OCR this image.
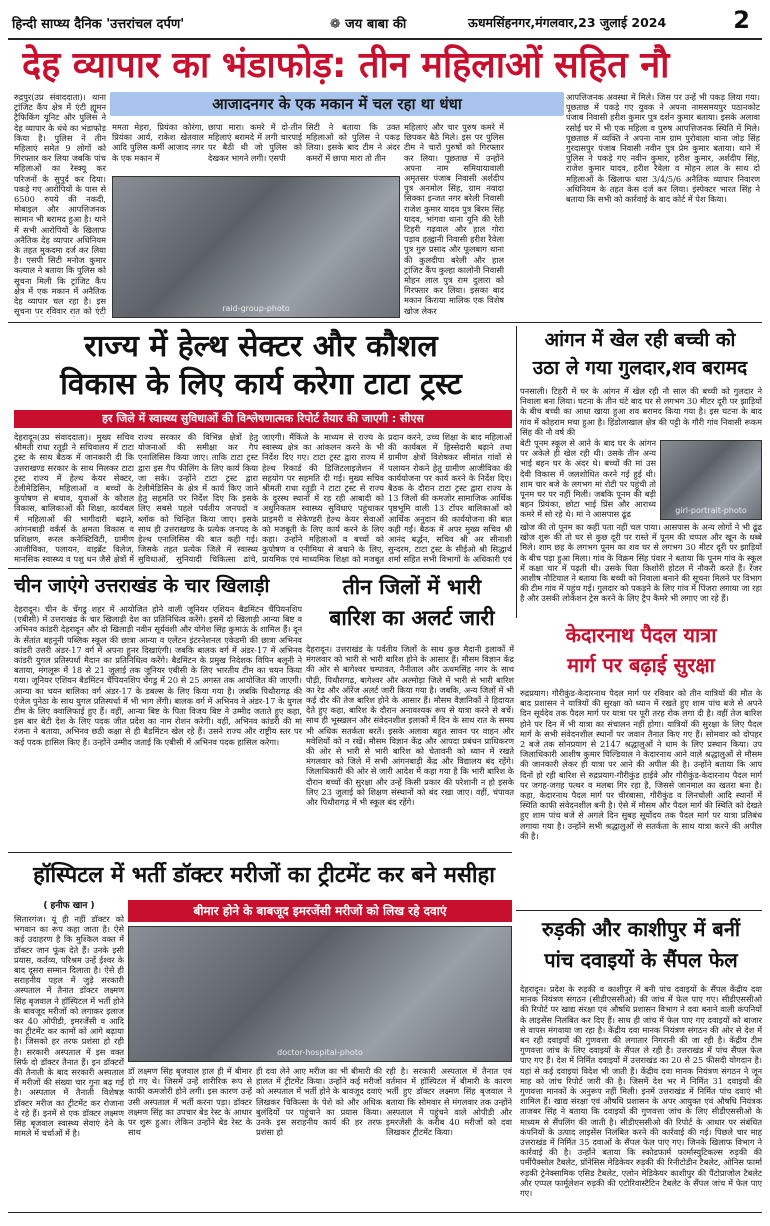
हिन्दी साप्ध्य दैनिक 'उत्तरांचल दर्पण'	❁ जय बाबा की	ऊधमसिंहनगर,मंगलवार,23 जुलाई 2024	2
देह व्यापार का भंडाफोड़: तीन महिलाओं सहित नौ
रुद्रपुर(उप्र संवाददाता)। थाना ट्रांजिट कैंप क्षेत्र में एंटी ह्यूमन ट्रैफिकिंग यूनिट और पुलिस ने देह व्यापार के धंधे का भंडाफोड़ किया है। पुलिस ने तीन महिलाएं समेत 9 लोगों को गिरफ्तार कर लिया जबकि पांच महिलाओं का रेस्क्यू कर परिजनों के सुपुर्द कर दिया। पकड़े गए आरोपियों के पास से 6500 रुपये की नकदी, मोबाइल और आपत्तिजनक सामान भी बरामद हुआ है। थाने में सभी आरोपियों के खिलाफ अनैतिक देह व्यापार अधिनियम के तहत मुकदमा दर्ज कर लिया है। एसपी सिटी मनोज कुमार कत्याल ने बताया कि पुलिस को सूचना मिली कि ट्रांजिट कैंप क्षेत्र में एक मकान में अनैतिक देह व्यापार चल रहा है। इस सूचना पर रविवार रात को एंटी
आजादनगर के एक मकान में चल रहा था धंधा
ममता मेहरा, प्रियंका कोरंगा, प्रियंका आर्य, राकेश खेतवाल आदि पुलिस कर्मी आजाद नगर के एक मकान में
छापा मारा। कमरे में दो-तीन महिलाएं बरामदे में लगी चारपाई पर बैठी थी जो पुलिस को देखकर भागने लगी। एसपी
सिटी ने बताया कि उक्त महिलाओं को पुलिस ने पकड़ लिया। इसके बाद टीम ने अंदर कमरों में छापा मारा तो तीन
raid-group-photo
महिलाएं और चार पुरुष कमरे में छिपकर बैठे मिले। इस पर पुलिस टीम ने चारों पुरुषों को गिरफ्तार कर लिया। पूछताछ में उन्होंने अपना नाम समियायावाली अमृतसर पंजाब निवासी अर्शदीप पुत्र अनमोल सिंह, ग्राम नवादा सिक्का इन्जत नगर बरेली निवासी राजेश कुमार यादव पुत्र बिरम सिंह यादव, भांगवा थाना यूनि की रेती टिहरी गढ़वाल और हाल गोरा पड़ाव हल्द्वानी निवासी हरीश रैवेला पुत्र गुरु प्रसाद और फूलबाग थाना की कुलदीपा बरेली और हाल ट्रांजिट कैंप कुल्हा कालोनी निवासी मोहन लाल पुत्र राम दुलारा को गिरफ्तार कर लिया। इसका बाद मकान किराया मालिक एक विशेष खोज लेकर
आपत्तिजनक अवस्था में मिले। जिस पर उन्हें भी पकड़ लिया गया। पूछताछ में पकड़े गए युवक ने अपना नामसमयपुर पठानकोट पंजाब निवासी हरीश कुमार पुत्र दर्शन कुमार बताया। इसके अलावा रसोई घर में भी एक महिला व पुरुष आपत्तिजनक स्थिति में मिले। पूछताछ में व्यक्ति ने अपना नाम ग्राम पुरोवाला थाना जोड़ सिंह गुरदासपुर पंजाब निवासी नवीन पुत्र प्रेम कुमार बताया। थाने में पुलिस ने पकड़े गए नवीन कुमार, हरीश कुमार, अर्शदीप सिंह, राजेश कुमार यादव, हरीश रैवेला व मोहन लाल के साथ दो महिलाओं के खिलाफ धारा 3/4/5/6 अनैतिक व्यापार निवारण अधिनियम के तहत केस दर्ज कर लिया। इंस्पेक्टर भारत सिंह ने बताया कि सभी को कार्रवाई के बाद कोर्ट में पेश किया।
राज्य में हेल्थ सेक्टर और कौशल
विकास के लिए कार्य करेगा टाटा ट्रस्ट
हर जिले में स्वास्थ्य सुविधाओं की विश्लेषणात्मक रिपोर्ट तैयार की जाएगी : सीएस
देहरादून(उप्र संवाददाता)। मुख्य सचिव श्रीमती राधा रतूड़ी ने सचिवालय में टाटा ट्रस्ट के साथ बैठक में जानकारी दी कि उत्तराखण्ड सरकार के साथ मिलकर टाटा ट्रस्ट राज्य में हेल्थ केयर सेक्टर, टेलीमेडिसिन, महिलाओं व बच्चों के कुपोषण से बचाव, युवाओं के कौशल विकास, बालिकाओं की शिक्षा, कार्यबल में महिलाओं की भागीदारी बढ़ाने, आंगनबाड़ी वर्कर्स के क्षमता विकास व प्रशिक्षण, रूरल कनेक्टिविटी, ग्रामीण आजीविका, पलायन, वाइब्रेंट विलेज, मानसिक स्वास्थ्य व पशु धन जैसे क्षेत्रों में
राज्य सरकार की विभिन्न क्षेत्रों हेतु योजनाओं की समीक्षा कर गैप एनालिसिस किया जाए। ताकि टाटा ट्रस्ट द्वारा इस गैप फीलिंग के लिए कार्य किया जा सके। उन्होंने टाटा ट्रस्ट द्वारा टेलीमेडिसिन के क्षेत्र में कार्य किए जाने हेतु सहमति पर निर्देश दिए कि इसके लिए सबसे पहले पर्वतीय जनपदों व ब्लॉक को चिन्हित किया जाए। इसके साथ ही उत्तराखण्ड के प्रत्येक जनपद के हेल्थ एनालिसिस की बात कही गई। जिसके तहत प्रत्येक जिले में स्वास्थ्य सुविधाओं, सुनियादी चिकित्सा ढांचे,
जाएगी। मैंकिंजे के माध्यम से राज्य के स्वास्थ्य क्षेत्र का आंकलन करने के भी निर्देश दिए गए। टाटा ट्रस्ट द्वारा राज्य में हेल्थ रिकार्ड की डिजिटलाइजेशन में सहयोग पर सहमति दी गई। मुख्य सचिव श्रीमती राधा रतूड़ी ने टाटा ट्रस्ट से राज्य के दुरस्थ स्थानों में रह रही आबादी को अधुनिकतम स्वास्थ्य सुविधाएं पहुंचाकर प्राइमरी व सेकेण्डरी हेल्थ केयर सेवाओं को मजबूती के लिए कार्य करने के लिए कहा। उन्होंने महिलाओं व बच्चों को कुपोषण व एनीमिया से बचाने के लिए, प्रायमिक एवं माध्यमिक शिक्षा को मजबूत
प्रदान करने, उच्च शिक्षा के बाद महिलाओं की कार्यबल में हिस्सेदारी बढ़ाने तथा ग्रामीण क्षेत्रों विशेषकर सीमांत गांवों से पलायन रोकने हेतु ग्रामीण आजीविका की कार्ययोजना पर कार्य करने के निर्देश दिए। बैठक के दौरान टाटा ट्रस्ट द्वारा राज्य के 13 जिलों की कमजोर सामाजिक आर्थिक पृष्ठभूमि वाली 13 टॉपर बालिकाओं को आर्थिक अनुदान की कार्ययोजना की बात कही गई। बैठक में अपर मुख्य सचिव श्री आनंद बर्द्धन, सचिव श्री अर सीनाशी सुन्दरम, टाटा ट्रस्ट के सीईओ श्री सिद्धार्थ शर्मा सहित सभी विभागों के अधिकारी एवं
आंगन में खेल रही बच्ची को
उठा ले गया गुलदार,शव बरामद
पनसाली। टिहरी में घर के आंगन में खेल रही नौ साल की बच्ची को गुलदार ने निवाला बना लिया। घटना के तीन घंटे बाद घर से लगभग 30 मीटर दूरी पर झाड़ियों के बीच बच्ची का आधा खाया हुआ शव बरामद किया गया है। इस घटना के बाद गांव में कोहराम मचा हुआ है। हिंडोलाखाल क्षेत्र की पट्टी के गौरी गांव निवासी रूकम सिंह की नौ वर्ष की
बेटी पूनम स्कूल से आने के बाद घर के आंगन पर अकेले ही खेल रही थी। उसके तीन अन्य भाई बहन घर के अंदर थे। बच्चों की मां उस देवी विकास में जलशोधित करने गई हुई थी। शाम चार बजे के लगभग मां रोटी पर पहुंची तो पूनम घर पर नहीं मिली। जबकि पूनम की बड़ी बहन प्रियंका, छोटा भाई प्रिंस और आराध्य कमरे में सो रहे थे। मां ने आसपास ढूंढ	girl-portrait-photo
खोज की तो पूनम का कहीं पता नहीं चल पाया। आसपास के अन्य लोगों ने भी ढूंढ खोज शुरू की तो घर से कुछ दूरी पर रास्ते में पूनम की चप्पल और खून के धब्बे मिले। शाम छह के लगभग पूनम का शव घर से लगभग 30 मीटर दूरी पर झाड़ियों के बीच पड़ा हुआ मिला। गांव के विक्रम सिंह पंवार ने बताया कि पूनम गांव के स्कूल में कक्षा चार में पढ़ती थी। उसके पिता किशोरी होटल में नौकरी करते हैं। रेंजर आशीष नौटियाल ने बताया कि बच्ची को निवाला बनाने की सूचना मिलने पर विभाग की टीम गांव में पहुंच गई। गुलदार को पकड़ने के लिए गांव में पिंजरा लगाया जा रहा है और उसकी लोकेशन ट्रेस करने के लिए ट्रैप कैमरे भी लगाए जा रहे हैं।
चीन जाएंगे उत्तराखंड के चार खिलाड़ी
देहरादून। चीन के चेंगडु शहर में आयोजित होने वाली जूनियर एशियन बैडमिंटन चैंपियनशिप (एबीसी) में उत्तराखंड के चार खिलाड़ी देश का प्रतिनिधित्व करेंगे। इसमें दो खिलाड़ी आन्या बिष्ट व अभिनव कांडरी देहरादून और दो खिलाड़ी नवीन सूर्यवंशी और योगेश सिंह कुमाऊं के शामिल हैं। दून के सेंतांत बहनूनी पब्लिक स्कूल की छात्रा आन्या व एलेंटन इंटरनेशनल एकेडमी की छात्रा अभिनव कांडरी उत्तरी अंडर-17 वर्ग में अपना हुनर दिखाएंगी। जबकि बालक वर्ग में अंडर-17 में अभिनव कांडरी युगल प्रतिस्पर्धा मैदान का प्रतिनिधित्व करेंगे। बैडमिंटन के प्रमुख निदेशक विपिन बलूनी ने बताया, मंगलूरू में 18 से 21 जुलाई तक जूनियर एबीसी के लिए भारतीय टीम का चयन किया गया। जूनियर एशियन बैडमिंटन चैंपियनशिप चेंगडु में 20 से 25 अगस्त तक आयोजित की जाएगी। आन्या का चयन बालिका वर्ग अंडर-17 के डबल्स के लिए किया गया है। जबकि पिथौरागढ़ की एंजेल पुनेठा के साथ युगल प्रतिस्पर्धा में भी भाग लेंगी। बालक वर्ग में अभिनव ने अंडर-17 के युगल टीम के लिए क्वालिफाई हुए हैं। वहीं, आन्या बिष्ट के पिता विजय बिष्ट ने उम्मीद जताते हुए कहा, इस बार बेटी देश के लिए पदक जीत प्रदेश का नाम रोशन करेगी। वहीं, अभिनव कांडरी की मां रंजना ने बताया, अभिनव छठी कक्षा से ही बैडमिंटन खेल रहे हैं। उसने राज्य और राष्ट्रीय स्तर पर कई पदक हासिल किए हैं। उन्होंने उम्मीद जताई कि एबीसी में अभिनव पदक हासिल करेगा।
तीन जिलों में भारी
बारिश का अलर्ट जारी
देहरादून। उत्तराखंड के पर्वतीय जिलों के साथ कुछ मैदानी इलाकों में मंगलवार को भारी से भारी बारिश होने के आसार हैं। मौसम विज्ञान केंद्र की ओर से बागेश्वर चम्पावत, नैनीताल और ऊधमसिंह नगर के साथ पौड़ी, पिथौरागढ़, बागेश्वर और अल्मोड़ा जिले में भारी से भारी बारिश का रेड और ऑरेंज अलर्ट जारी किया गया है। जबकि, अन्य जिलों में भी कई दौर की तेज बारिश होने के आसार हैं। मौसम वैज्ञानिकों ने हिदायत देते हुए कहा, बारिश के दौरान अनावश्यक रूप से यात्रा करने से बचें। साथ ही भूस्खलन और संवेदनशील इलाकों में दिन के साथ रात के समय भी अधिक सतर्कता बरतें। इसके अलावा बहुत सावन पर वाहन और मवेशियों को न रखें। मौसम विज्ञान केंद्र और आपदा प्रबंधन प्राधिकरण की ओर से भारी से भारी बारिश को चेतावनी को ध्यान में रखते मंगलवार को जिले में सभी आंगनबाड़ी केंद्र और विद्यालय बंद रहेंगे। जिलाधिकारी की ओर से जारी आदेश में कहा गया है कि भारी बारिश के दौरान बच्चों की सुरक्षा और उन्हें किसी प्रकार की परेशानी न हो इसके लिए 23 जुलाई को शिक्षण संस्थानों को बंद रखा जाए। वहीं, चंपावत और पिथौरागढ़ में भी स्कूल बंद रहेंगे।
केदारनाथ पैदल यात्रा
मार्ग पर बढ़ाई सुरक्षा
रुद्रप्रयाग। गौरीकुंड-केदारनाथ पैदल मार्ग पर रविवार को तीन यात्रियों की मौत के बाद प्रशासन ने यात्रियों की सुरक्षा को ध्यान में रखते हुए शाम पांच बजे से अपने दिन सूर्यदेव तक पैदल मार्ग पर यात्रा पर पूरी तरह रोक लगा दी है। वहीं तेज बारिश होने पर दिन में भी यात्रा का संचालन नहीं होगा। यात्रियों की सुरक्षा के लिए पैदल मार्ग के सभी संवेदनशील स्थानों पर जवान तैनात किए गए हैं। सोमवार को दोपहर 2 बजे तक सोनप्रयाग से 2147 श्रद्धालुओं ने धाम के लिए प्रस्थान किया। उप जिलाधिकारी आशीष कुमार घिल्डियाल ने केदारनाथ आने वाले श्रद्धालुओं से मौसम की जानकारी लेकर ही यात्रा पर आने की अपील की है। उन्होंने बताया कि आप दिनों हो रही बारिश से रुद्रप्रयाग-गौरीकुंड हाईवे और गौरीकुंड-केदारनाथ पैदल मार्ग पर जगह-जगह पत्थर व मलबा गिर रहा है, जिससे जानमाल का खतरा बना है। कहा, केदारनाथ पैदल मार्ग पर चीरबासा, गौरीकुंड व लिनचोली आदि स्थानों में स्थिति काफी संवेदनशील बनी है। ऐसे में मौसम और पैदल मार्ग की स्थिति को देखते हुए शाम पांच बजे से अगले दिन सुबह सूर्योदय तक पैदल मार्ग पर यात्रा प्रतिबंध लगाया गया है। उन्होंने सभी श्रद्धालुओं से सतर्कता के साथ यात्रा करने की अपील की है।
हॉस्पिटल में भर्ती डॉक्टर मरीजों का ट्रीटमेंट कर बने मसीहा
( हनीफ खान )
सितारगंज। यूं ही नहीं डॉक्टर को भगवान का रूप कहा जाता है। ऐसे कई उदाहरण है कि मुश्किल वक्त में डॉक्टर जान फूंक देते हैं। उनके इसी प्रयास, कर्तव्य, परिश्रम उन्हें ईश्वर के बाद दूसरा सम्मान दिलाता है। ऐसे ही सराहनीय पहल में जुड़े सरकारी अस्पताल में तैनात डॉक्टर लक्ष्मण सिंह बृजवाल ने हॉस्पिटल में भर्ती होने के बावजूद मरीजों को लगाकर इलाज कर 40 ओपीडी, इमरजेंसी व आदि का ट्रीटमेंट कर कामों को आगे बढ़ाया है। जिसको हर तरफ प्रशंसा हो रही है। सरकारी अस्पताल में इस वक्त सिर्फ दो डॉक्टर तैनात हैं। इन डॉक्टरों की तैनाती के बाद सरकारी अस्पताल में मरीजों की संख्या चार गुना बढ़ गई है। अस्पताल में तैनाती विशेषज्ञ डॉक्टर मरीज का ट्रीटमेंट कर रोजाना दे रहे हैं। इनमें से एक डॉक्टर लक्ष्मण सिंह बृजवाल स्वास्थ्य सेवाएं देने के मामले में चर्चाओं में है।
बीमार होने के बाबजूद इमरजेंसी मरीजों को लिख रहे दवाएं
doctor-hospital-photo
डॉ लक्ष्मण सिंह बृजवाल हाल ही में बीमार हो गए थे। जिसमें उन्हें शारीरिक रूप से काफी कमजोरी होने लगी। इस कारण उन्हें उसी अस्पताल में भर्ती करना पड़ा। डॉक्टर लक्ष्मण सिंह का उपचार बेड रेस्ट के आधार पर शुरू हुआ। लेकिन उन्होंने बेड रेस्ट के साथ
ही दवा लेने आए मरीज का भी बीमारी की हालत में ट्रीटमेंट किया। उन्होंने कई मरीजों को अस्पताल में भर्ती होने के बावजूद दवाएं लिखकर चिकित्सा के पेशे को और अधिक बुलंदियों पर पहुंचाने का प्रयास किया। उनके इस सराहनीय कार्य की हर तरफ प्रशंसा हो
रही है। सरकारी अस्पताल में तैनात एवं वर्तमान में हॉस्पिटल में बीमारी के कारण भर्ती हुए डॉक्टर लक्ष्मण सिंह बृजवाल ने बताया कि सोमवार से मंगलवार तक उन्होंने अस्पताल में पहुंचने वाले ओपीडी और इमरजेंसी के करीब 40 मरीजों को दवा लिखकर ट्रीटमेंट किया।
रुड़की और काशीपुर में बनीं
पांच दवाइयों के सैंपल फेल
देहरादून। प्रदेश के रुड़की व काशीपुर में बनी पांच दवाइयों के सैंपल केंद्रीय दवा मानक नियंत्रण संगठन (सीडीएससीओ) की जांच में फेल पाए गए। सीडीएससीओ की रिपोर्ट पर खाद्य संरक्षा एवं औषधि प्रशासन विभाग ने दवा बनाने वाली कंपनियों के लाइसेंस निलंबित कर दिए हैं। साथ ही जांच में फेल पाए गए दवाइयों को बाजार से वापस मंगवाया जा रहा है। केंद्रीय दवा मानक नियंत्रण संगठन की ओर से देश में बन रही दवाइयों की गुणवत्ता की लगातार निगरानी की जा रही है। केंद्रीय टीम गुणवत्ता जांच के लिए दवाइयों के सैंपल ले रही है। उत्तराखंड में पांच सैंपल फेल पाए गए हैं। देश में निर्मित दवाइयों में उत्तराखंड का 20 से 25 फीसदी योगदान है। यहां से कई दवाइयां विदेश भी जाती हैं। केंद्रीय दवा मानक नियंत्रण संगठन ने जून माह को जांच रिपोर्ट जारी की है। जिसमें देश भर में निर्मित 31 दवाइयों की गुणवत्ता मानकों के अनुरूप नहीं मिली। इनमें उत्तराखंड में निर्मित पांच दवाएं भी शामिल हैं। खाद्य संरक्षा एवं औषधि प्रशासन के अपर आयुक्त एवं औषधि नियंत्रक ताजबर सिंह ने बताया कि दवाइयों की गुणवत्ता जांच के लिए सीडीएससीओ के माध्यम से सैंपलिंग की जाती है। सीडीएससीओ की रिपोर्ट के आधार पर संबंधित कंपनियों के उत्पाद लाइसेंस निलंबित करने की कार्रवाई की गई। पिछले चार माह उत्तराखंड में निर्मित 35 दवाओं के सैंपल फेल पाए गए। जिनके खिलाफ विभाग ने कार्रवाई की है। उन्होंने बताया कि स्कोडफार्म फार्मास्युटिकल्स रुड़की की पर्मीपैक्सोल टैबलेट, प्रॉनेसिस मेडिकेयर रुड़की की रिनीटोडीन टैबलेट, ओनिस फार्मा रुड़की ट्रेनेक्सामिक एसिड टैबलेट, एलोन मेडिकेयर काशीपुर की पैंटोप्राजोल टैबलेट और एप्पल फार्मूलेशन रुड़की की एटोरिवास्टैटिन टैबलेट के सैंपल जांच में फेल पाए गए।
